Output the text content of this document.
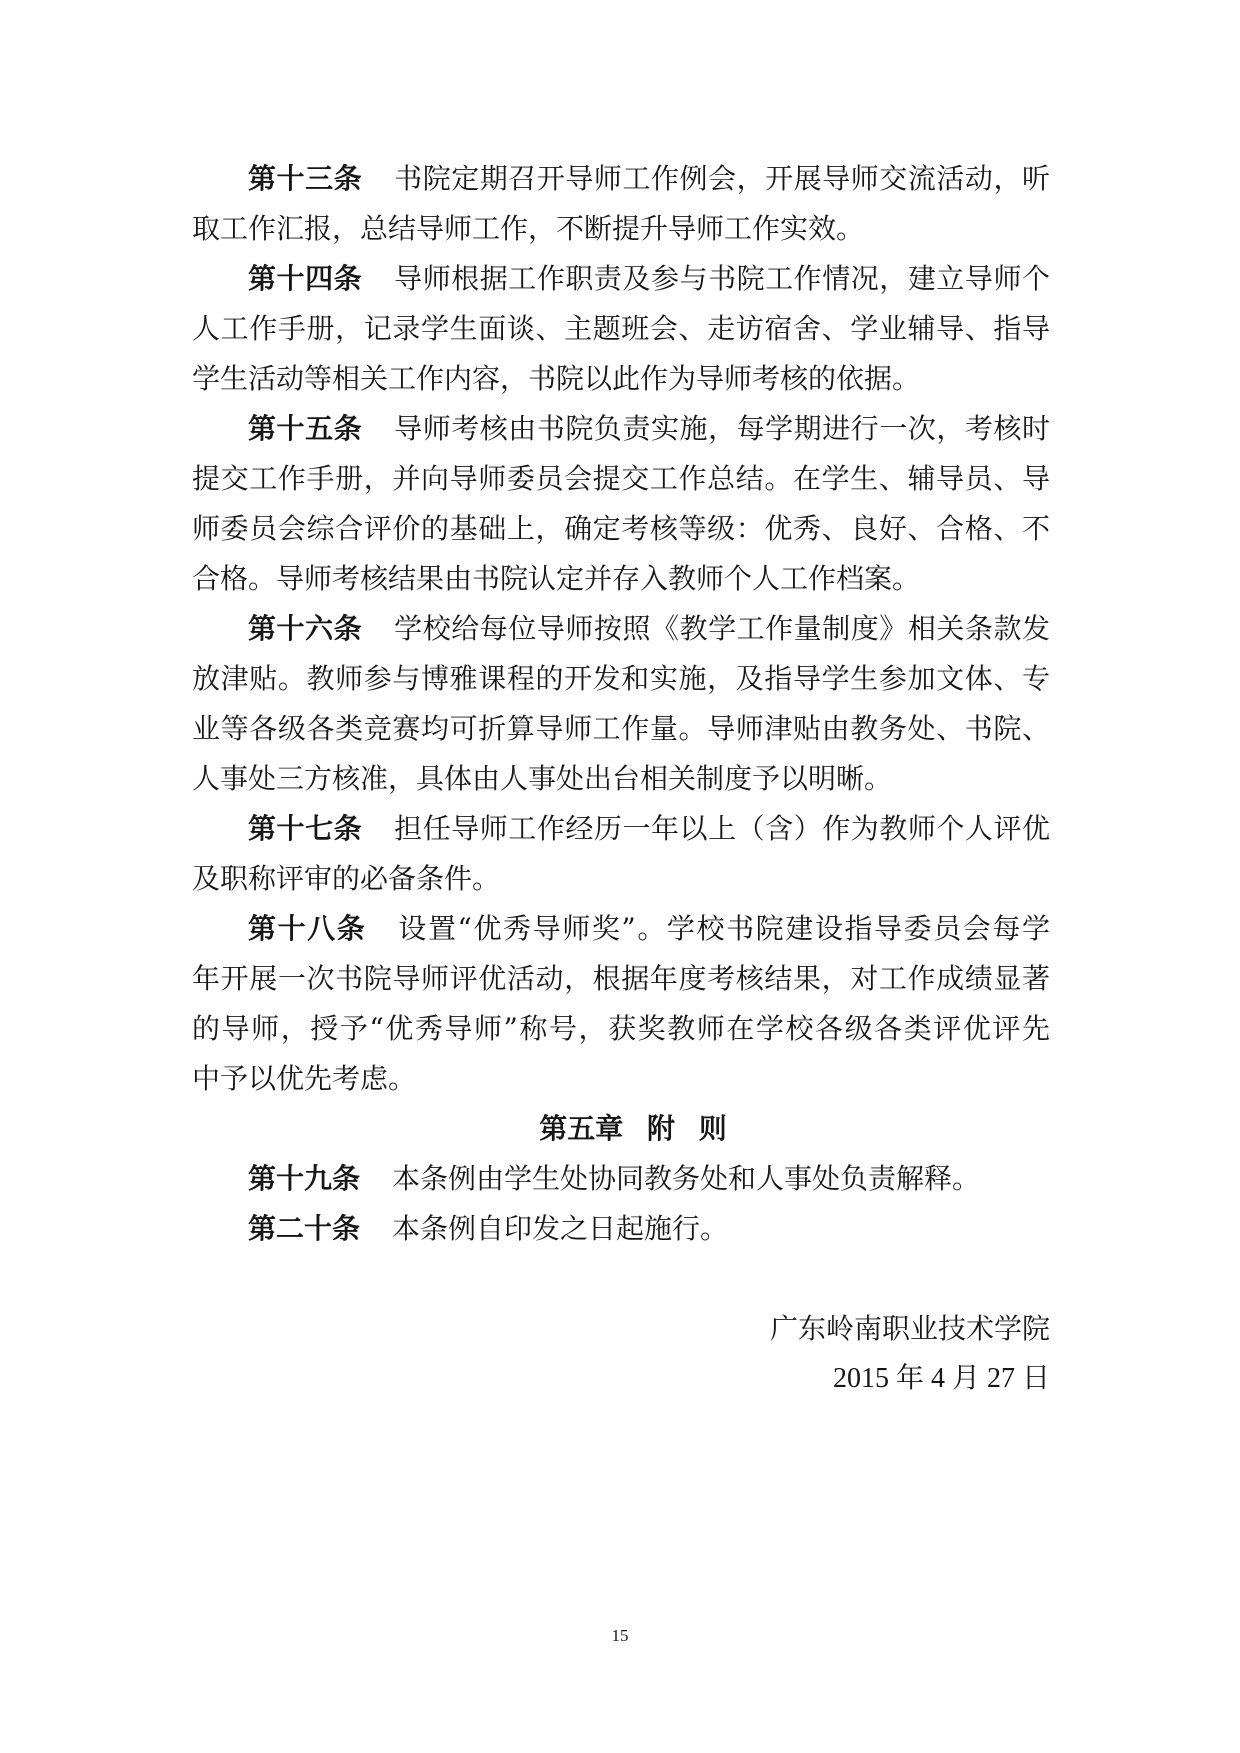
第十三条 书院定期召开导师工作例会，开展导师交流活动，听
取工作汇报，总结导师工作，不断提升导师工作实效。
第十四条 导师根据工作职责及参与书院工作情况，建立导师个
人工作手册，记录学生面谈、主题班会、走访宿舍、学业辅导、指导
学生活动等相关工作内容，书院以此作为导师考核的依据。
第十五条 导师考核由书院负责实施，每学期进行一次，考核时
提交工作手册，并向导师委员会提交工作总结。在学生、辅导员、导
师委员会综合评价的基础上，确定考核等级：优秀、良好、合格、不
合格。导师考核结果由书院认定并存入教师个人工作档案。
第十六条 学校给每位导师按照《教学工作量制度》相关条款发
放津贴。教师参与博雅课程的开发和实施，及指导学生参加文体、专
业等各级各类竞赛均可折算导师工作量。导师津贴由教务处、书院、
人事处三方核准，具体由人事处出台相关制度予以明晰。
第十七条 担任导师工作经历一年以上（含）作为教师个人评优
及职称评审的必备条件。
第十八条 设置“优秀导师奖”。学校书院建设指导委员会每学
年开展一次书院导师评优活动，根据年度考核结果，对工作成绩显著
的导师，授予“优秀导师”称号，获奖教师在学校各级各类评优评先
中予以优先考虑。
第五章 附 则
第十九条 本条例由学生处协同教务处和人事处负责解释。
第二十条 本条例自印发之日起施行。
广东岭南职业技术学院
2015 年 4 月 27 日
15
